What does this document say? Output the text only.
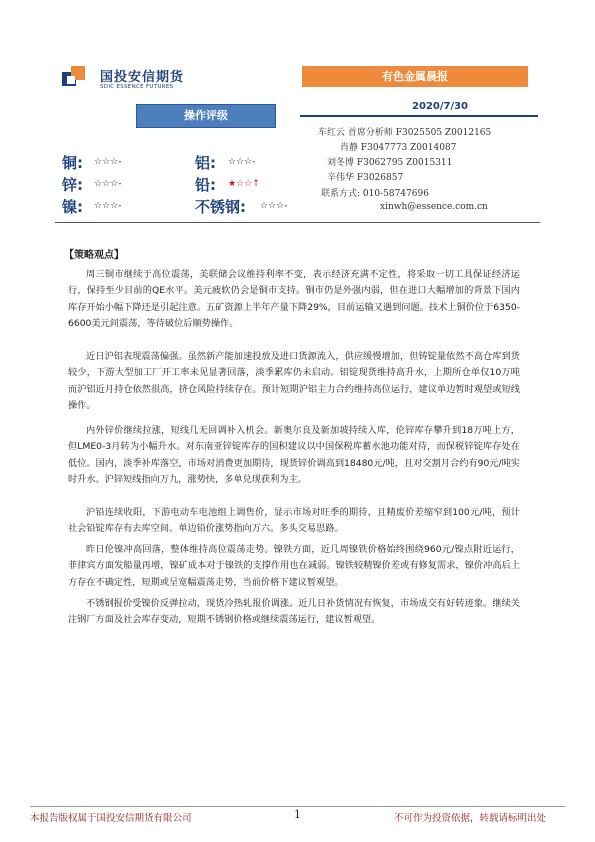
国投安信期货
SDIC ESSENCE FUTURES
有色金属晨报
2020/7/30
操作评级
铜: ☆☆☆-	铝: ☆☆☆-
锌: ☆☆☆-	铅: ★☆☆↑
镍: ☆☆☆-	不锈钢: ☆☆☆-
车红云 首席分析师 F3025505 Z0012165
肖静 F3047773 Z0014087
刘冬博 F3062795 Z0015311
辛伟华 F3026857
联系方式: 010-58747696
xinwh@essence.com.cn
【策略观点】
周三铜市继续于高位震荡，美联储会议维持利率不变，表示经济充满不定性，将采取一切工具保证经济运行，保持至少目前的QE水平。美元疲软仍会是铜市支持。铜市仍是外强内弱，但在进口大幅增加的背景下国内库存开始小幅下降还是引起注意。五矿资源上半年产量下降29%，目前运输又遇到问题。技术上铜价位于6350-6600美元间震荡，等待破位后顺势操作。
近日沪铝表现震荡偏强。虽然新产能加速投放及进口货源流入，供应缓慢增加，但铸锭量依然不高仓库到货较少，下游大型加工厂开工率未见显著回落，淡季累库仍未启动。铝锭现货维持高升水，上期所仓单仅10万吨而沪铝近月持仓依然很高，挤仓风险持续存在。预计短期沪铝主力合约维持高位运行，建议单边暂时观望或短线操作。
内外锌价继续拉涨，短线几无回调补入机会。新奥尔良及新加坡持续入库，伦锌库存攀升到18万吨上方，但LME0-3月转为小幅升水。对东南亚锌锭库存的国积建议以中国保税库蓄水池功能对待，而保税锌锭库存处在低位。国内，淡季补库落空，市场对消费更加期待，现货锌价调高到18480元/吨，且对交割月合约有90元/吨实时升水。沪锌短线指向万九，涨势快，多单兑现获利为主。
沪铅连续收阳，下游电动车电池组上调售价，显示市场对旺季的期待，且精废价差缩窄到100元/吨，预计社会铅锭库存有去库空间。单边铅价涨势指向万六。多头交易思路。
昨日伦镍冲高回落，整体维持高位震荡走势。镍铁方面，近几周镍铁价格始终围绕960元/镍点附近运行，菲律宾方面发船量再增，镍矿成本对于镍铁的支撑作用也在减弱。镍铁较精镍价差或有修复需求，镍价冲高后上方存在不确定性，短期或呈宽幅震荡走势，当前价格下建议暂观望。
不锈钢报价受镍价反弹拉动，现货冷热轧报价调涨。近几日补货情况有恢复，市场成交有好转迹象。继续关注钢厂方面及社会库存变动，短期不锈钢价格或继续震荡运行，建议暂观望。
本报告版权属于国投安信期货有限公司	1	不可作为投资依据，转载请标明出处
